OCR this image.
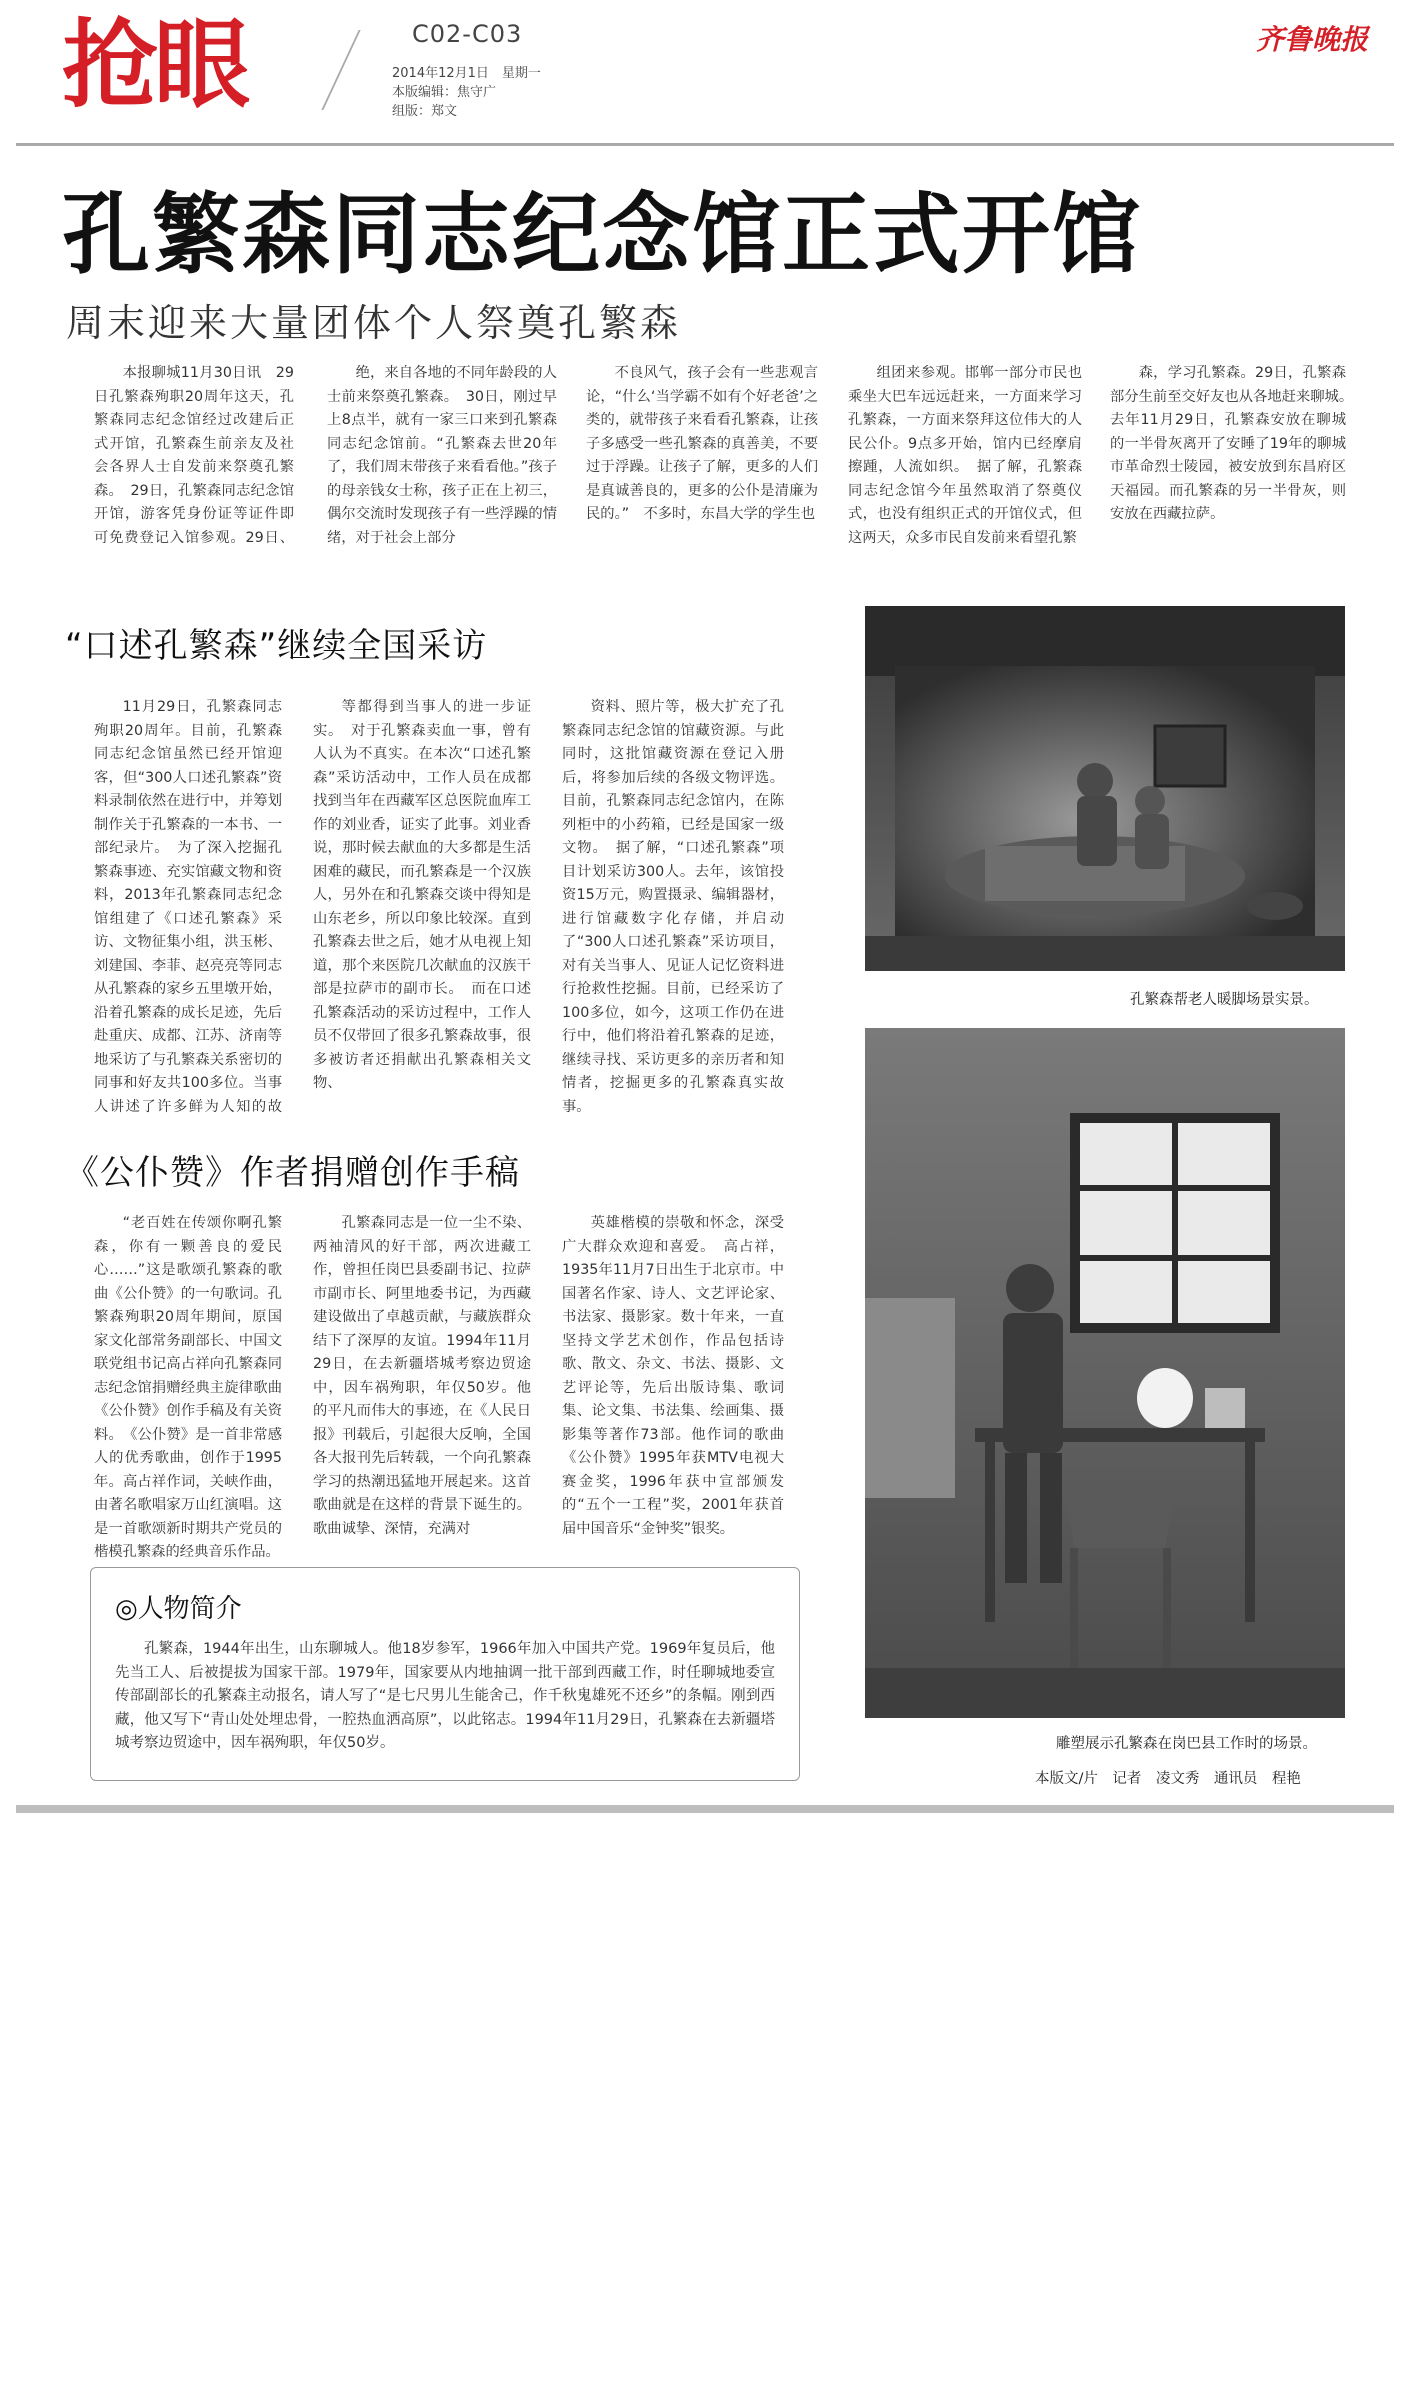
抢眼	C02-C03
2014年12月1日　星期一
本版编辑：焦守广
组版：郑文
齐鲁晚报
孔繁森同志纪念馆正式开馆
周末迎来大量团体个人祭奠孔繁森
本报聊城11月30日讯　29日孔繁森殉职20周年这天，孔繁森同志纪念馆经过改建后正式开馆，孔繁森生前亲友及社会各界人士自发前来祭奠孔繁森。　29日，孔繁森同志纪念馆开馆，游客凭身份证等证件即可免费登记入馆参观。29日、
绝，来自各地的不同年龄段的人士前来祭奠孔繁森。　30日，刚过早上8点半，就有一家三口来到孔繁森同志纪念馆前。“孔繁森去世20年了，我们周末带孩子来看看他。”孩子的母亲钱女士称，孩子正在上初三，偶尔交流时发现孩子有一些浮躁的情绪，对于社会上部分
不良风气，孩子会有一些悲观言论，“什么‘当学霸不如有个好老爸’之类的，就带孩子来看看孔繁森，让孩子多感受一些孔繁森的真善美，不要过于浮躁。让孩子了解，更多的人们是真诚善良的，更多的公仆是清廉为民的。”　不多时，东昌大学的学生也
组团来参观。邯郸一部分市民也乘坐大巴车远远赶来，一方面来学习孔繁森，一方面来祭拜这位伟大的人民公仆。9点多开始，馆内已经摩肩擦踵，人流如织。　据了解，孔繁森同志纪念馆今年虽然取消了祭奠仪式，也没有组织正式的开馆仪式，但这两天，众多市民自发前来看望孔繁
森，学习孔繁森。29日，孔繁森部分生前至交好友也从各地赶来聊城。　去年11月29日，孔繁森安放在聊城的一半骨灰离开了安睡了19年的聊城市革命烈士陵园，被安放到东昌府区天福园。而孔繁森的另一半骨灰，则安放在西藏拉萨。
“口述孔繁森”继续全国采访
11月29日，孔繁森同志殉职20周年。目前，孔繁森同志纪念馆虽然已经开馆迎客，但“300人口述孔繁森”资料录制依然在进行中，并筹划制作关于孔繁森的一本书、一部纪录片。　为了深入挖掘孔繁森事迹、充实馆藏文物和资料，2013年孔繁森同志纪念馆组建了《口述孔繁森》采访、文物征集小组，洪玉彬、刘建国、李菲、赵亮亮等同志从孔繁森的家乡五里墩开始，沿着孔繁森的成长足迹，先后赴重庆、成都、江苏、济南等地采访了与孔繁森关系密切的同事和好友共100多位。当事人讲述了许多鲜为人知的故
等都得到当事人的进一步证实。　对于孔繁森卖血一事，曾有人认为不真实。在本次“口述孔繁森”采访活动中，工作人员在成都找到当年在西藏军区总医院血库工作的刘业香，证实了此事。刘业香说，那时候去献血的大多都是生活困难的藏民，而孔繁森是一个汉族人，另外在和孔繁森交谈中得知是山东老乡，所以印象比较深。直到孔繁森去世之后，她才从电视上知道，那个来医院几次献血的汉族干部是拉萨市的副市长。　而在口述孔繁森活动的采访过程中，工作人员不仅带回了很多孔繁森故事，很多被访者还捐献出孔繁森相关文物、
资料、照片等，极大扩充了孔繁森同志纪念馆的馆藏资源。与此同时，这批馆藏资源在登记入册后，将参加后续的各级文物评选。目前，孔繁森同志纪念馆内，在陈列柜中的小药箱，已经是国家一级文物。　据了解，“口述孔繁森”项目计划采访300人。去年，该馆投资15万元，购置摄录、编辑器材，进行馆藏数字化存储，并启动了“300人口述孔繁森”采访项目，对有关当事人、见证人记忆资料进行抢救性挖掘。目前，已经采访了100多位，如今，这项工作仍在进行中，他们将沿着孔繁森的足迹，继续寻找、采访更多的亲历者和知情者，挖掘更多的孔繁森真实故事。
《公仆赞》作者捐赠创作手稿
“老百姓在传颂你啊孔繁森，你有一颗善良的爱民心……”这是歌颂孔繁森的歌曲《公仆赞》的一句歌词。孔繁森殉职20周年期间，原国家文化部常务副部长、中国文联党组书记高占祥向孔繁森同志纪念馆捐赠经典主旋律歌曲《公仆赞》创作手稿及有关资料。　《公仆赞》是一首非常感人的优秀歌曲，创作于1995年。高占祥作词，关峡作曲，由著名歌唱家万山红演唱。这是一首歌颂新时期共产党员的楷模孔繁森的经典音乐作品。
孔繁森同志是一位一尘不染、两袖清风的好干部，两次进藏工作，曾担任岗巴县委副书记、拉萨市副市长、阿里地委书记，为西藏建设做出了卓越贡献，与藏族群众结下了深厚的友谊。1994年11月29日，在去新疆塔城考察边贸途中，因车祸殉职，年仅50岁。他的平凡而伟大的事迹，在《人民日报》刊载后，引起很大反响，全国各大报刊先后转载，一个向孔繁森学习的热潮迅猛地开展起来。这首歌曲就是在这样的背景下诞生的。歌曲诚挚、深情，充满对
英雄楷模的崇敬和怀念，深受广大群众欢迎和喜爱。　高占祥，1935年11月7日出生于北京市。中国著名作家、诗人、文艺评论家、书法家、摄影家。数十年来，一直坚持文学艺术创作，作品包括诗歌、散文、杂文、书法、摄影、文艺评论等，先后出版诗集、歌词集、论文集、书法集、绘画集、摄影集等著作73部。他作词的歌曲《公仆赞》1995年获MTV电视大赛金奖，1996年获中宣部颁发的“五个一工程”奖，2001年获首届中国音乐“金钟奖”银奖。
◎人物简介
孔繁森，1944年出生，山东聊城人。他18岁参军，1966年加入中国共产党。1969年复员后，他先当工人、后被提拔为国家干部。1979年，国家要从内地抽调一批干部到西藏工作，时任聊城地委宣传部副部长的孔繁森主动报名，请人写了“是七尺男儿生能舍己，作千秋鬼雄死不还乡”的条幅。刚到西藏，他又写下“青山处处埋忠骨，一腔热血洒高原”，以此铭志。1994年11月29日，孔繁森在去新疆塔城考察边贸途中，因车祸殉职，年仅50岁。
孔繁森帮老人暖脚场景实景。
雕塑展示孔繁森在岗巴县工作时的场景。
本版文/片　记者　凌文秀　通讯员　程艳
